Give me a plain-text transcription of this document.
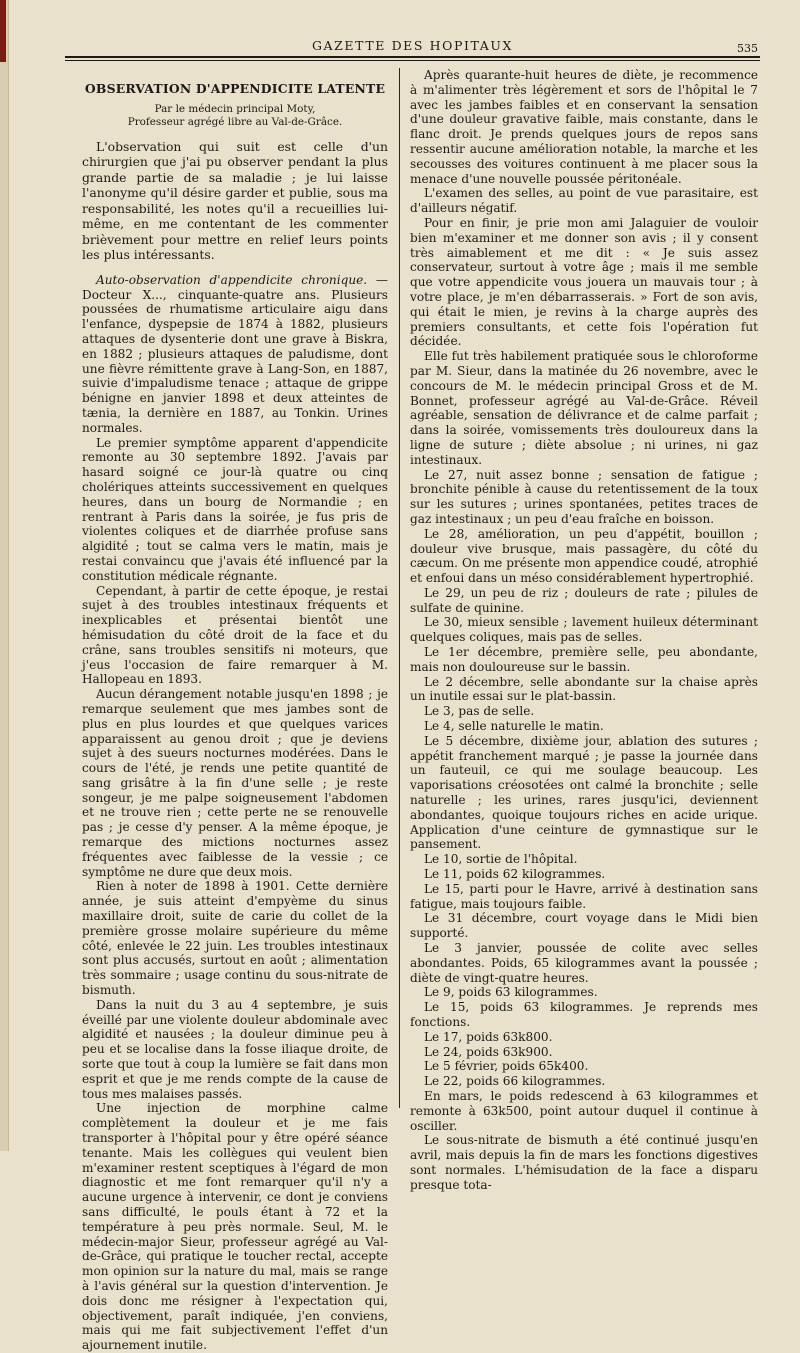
GAZETTE DES HOPITAUX	535
OBSERVATION D'APPENDICITE LATENTE
Par le médecin principal Moty,
Professeur agrégé libre au Val-de-Grâce.

L'observation qui suit est celle d'un chirurgien que j'ai pu observer pendant la plus grande partie de sa maladie ; je lui laisse l'anonyme qu'il désire garder et publie, sous ma responsabilité, les notes qu'il a recueillies lui-même, en me contentant de les commenter brièvement pour mettre en relief leurs points les plus intéressants.

Auto-observation d'appendicite chronique. — Docteur X..., cinquante-quatre ans. Plusieurs poussées de rhumatisme articulaire aigu dans l'enfance, dyspepsie de 1874 à 1882, plusieurs attaques de dysenterie dont une grave à Biskra, en 1882 ; plusieurs attaques de paludisme, dont une fièvre rémittente grave à Lang-Son, en 1887, suivie d'impaludisme tenace ; attaque de grippe bénigne en janvier 1898 et deux atteintes de tænia, la dernière en 1887, au Tonkin. Urines normales.

Le premier symptôme apparent d'appendicite remonte au 30 septembre 1892. J'avais par hasard soigné ce jour-là quatre ou cinq cholériques atteints successivement en quelques heures, dans un bourg de Normandie ; en rentrant à Paris dans la soirée, je fus pris de violentes coliques et de diarrhée profuse sans algidité ; tout se calma vers le matin, mais je restai convaincu que j'avais été influencé par la constitution médicale régnante.

Cependant, à partir de cette époque, je restai sujet à des troubles intestinaux fréquents et inexplicables et présentai bientôt une hémisudation du côté droit de la face et du crâne, sans troubles sensitifs ni moteurs, que j'eus l'occasion de faire remarquer à M. Hallopeau en 1893.

Aucun dérangement notable jusqu'en 1898 ; je remarque seulement que mes jambes sont de plus en plus lourdes et que quelques varices apparaissent au genou droit ; que je deviens sujet à des sueurs nocturnes modérées. Dans le cours de l'été, je rends une petite quantité de sang grisâtre à la fin d'une selle ; je reste songeur, je me palpe soigneusement l'abdomen et ne trouve rien ; cette perte ne se renouvelle pas ; je cesse d'y penser. A la même époque, je remarque des mictions nocturnes assez fréquentes avec faiblesse de la vessie ; ce symptôme ne dure que deux mois.

Rien à noter de 1898 à 1901. Cette dernière année, je suis atteint d'empyème du sinus maxillaire droit, suite de carie du collet de la première grosse molaire supérieure du même côté, enlevée le 22 juin. Les troubles intestinaux sont plus accusés, surtout en août ; alimentation très sommaire ; usage continu du sous-nitrate de bismuth.

Dans la nuit du 3 au 4 septembre, je suis éveillé par une violente douleur abdominale avec algidité et nausées ; la douleur diminue peu à peu et se localise dans la fosse iliaque droite, de sorte que tout à coup la lumière se fait dans mon esprit et que je me rends compte de la cause de tous mes malaises passés.

Une injection de morphine calme complètement la douleur et je me fais transporter à l'hôpital pour y être opéré séance tenante. Mais les collègues qui veulent bien m'examiner restent sceptiques à l'égard de mon diagnostic et me font remarquer qu'il n'y a aucune urgence à intervenir, ce dont je conviens sans difficulté, le pouls étant à 72 et la température à peu près normale. Seul, M. le médecin-major Sieur, professeur agrégé au Val-de-Grâce, qui pratique le toucher rectal, accepte mon opinion sur la nature du mal, mais se range à l'avis général sur la question d'intervention. Je dois donc me résigner à l'expectation qui, objectivement, paraît indiquée, j'en conviens, mais qui me fait subjectivement l'effet d'un ajournement inutile.

Après quarante-huit heures de diète, je recommence à m'alimenter très légèrement et sors de l'hôpital le 7 avec les jambes faibles et en conservant la sensation d'une douleur gravative faible, mais constante, dans le flanc droit. Je prends quelques jours de repos sans ressentir aucune amélioration notable, la marche et les secousses des voitures continuent à me placer sous la menace d'une nouvelle poussée péritonéale.

L'examen des selles, au point de vue parasitaire, est d'ailleurs négatif.

Pour en finir, je prie mon ami Jalaguier de vouloir bien m'examiner et me donner son avis ; il y consent très aimablement et me dit : « Je suis assez conservateur, surtout à votre âge ; mais il me semble que votre appendicite vous jouera un mauvais tour ; à votre place, je m'en débarrasserais. » Fort de son avis, qui était le mien, je revins à la charge auprès des premiers consultants, et cette fois l'opération fut décidée.

Elle fut très habilement pratiquée sous le chloroforme par M. Sieur, dans la matinée du 26 novembre, avec le concours de M. le médecin principal Gross et de M. Bonnet, professeur agrégé au Val-de-Grâce. Réveil agréable, sensation de délivrance et de calme parfait ; dans la soirée, vomissements très douloureux dans la ligne de suture ; diète absolue ; ni urines, ni gaz intestinaux.

Le 27, nuit assez bonne ; sensation de fatigue ; bronchite pénible à cause du retentissement de la toux sur les sutures ; urines spontanées, petites traces de gaz intestinaux ; un peu d'eau fraîche en boisson.

Le 28, amélioration, un peu d'appétit, bouillon ; douleur vive brusque, mais passagère, du côté du cæcum. On me présente mon appendice coudé, atrophié et enfoui dans un méso considérablement hypertrophié.

Le 29, un peu de riz ; douleurs de rate ; pilules de sulfate de quinine.

Le 30, mieux sensible ; lavement huileux déterminant quelques coliques, mais pas de selles.

Le 1er décembre, première selle, peu abondante, mais non douloureuse sur le bassin.

Le 2 décembre, selle abondante sur la chaise après un inutile essai sur le plat-bassin.

Le 3, pas de selle.

Le 4, selle naturelle le matin.

Le 5 décembre, dixième jour, ablation des sutures ; appétit franchement marqué ; je passe la journée dans un fauteuil, ce qui me soulage beaucoup. Les vaporisations créosotées ont calmé la bronchite ; selle naturelle ; les urines, rares jusqu'ici, deviennent abondantes, quoique toujours riches en acide urique. Application d'une ceinture de gymnastique sur le pansement.

Le 10, sortie de l'hôpital.

Le 11, poids 62 kilogrammes.

Le 15, parti pour le Havre, arrivé à destination sans fatigue, mais toujours faible.

Le 31 décembre, court voyage dans le Midi bien supporté.

Le 3 janvier, poussée de colite avec selles abondantes. Poids, 65 kilogrammes avant la poussée ; diète de vingt-quatre heures.

Le 9, poids 63 kilogrammes.

Le 15, poids 63 kilogrammes. Je reprends mes fonctions.

Le 17, poids 63k800.

Le 24, poids 63k900.

Le 5 février, poids 65k400.

Le 22, poids 66 kilogrammes.

En mars, le poids redescend à 63 kilogrammes et remonte à 63k500, point autour duquel il continue à osciller.

Le sous-nitrate de bismuth a été continué jusqu'en avril, mais depuis la fin de mars les fonctions digestives sont normales. L'hémisudation de la face a disparu presque tota-
